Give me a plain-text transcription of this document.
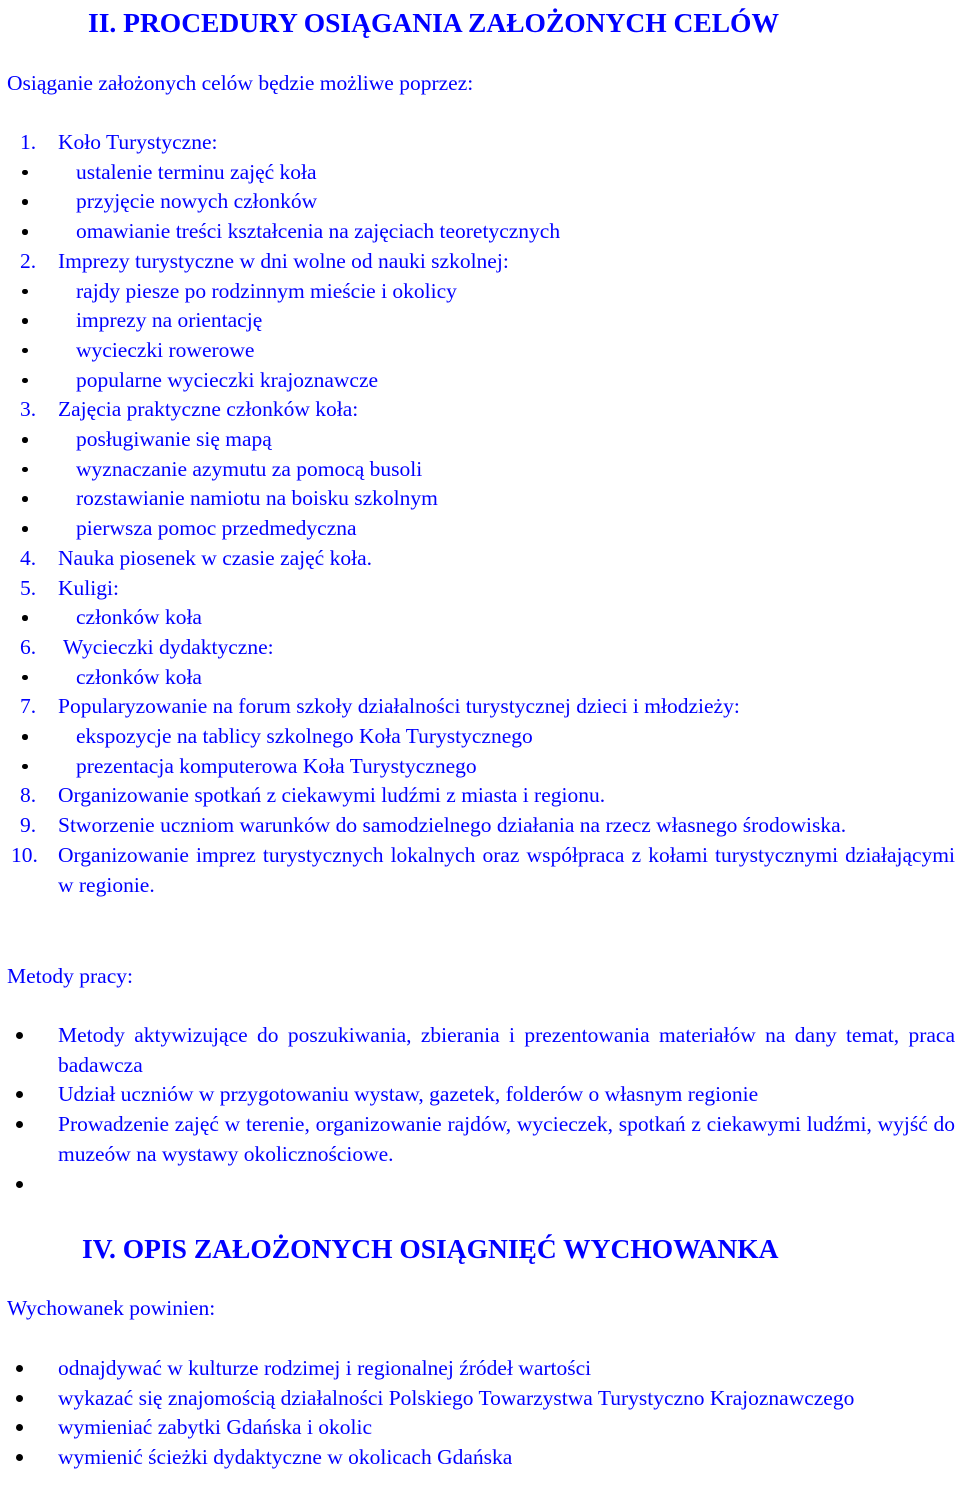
II. PROCEDURY OSIĄGANIA ZAŁOŻONYCH CELÓW
Osiąganie założonych celów będzie możliwe poprzez:
1. Koło Turystyczne:
ustalenie terminu zajęć koła
przyjęcie nowych członków
omawianie treści kształcenia na zajęciach teoretycznych
2. Imprezy turystyczne w dni wolne od nauki szkolnej:
rajdy piesze po rodzinnym mieście i okolicy
imprezy na orientację
wycieczki rowerowe
popularne wycieczki krajoznawcze
3. Zajęcia praktyczne członków koła:
posługiwanie się mapą
wyznaczanie azymutu za pomocą busoli
rozstawianie namiotu na boisku szkolnym
pierwsza pomoc przedmedyczna
4. Nauka piosenek w czasie zajęć koła.
5. Kuligi:
członków koła
6. Wycieczki dydaktyczne:
członków koła
7. Popularyzowanie na forum szkoły działalności turystycznej dzieci i młodzieży:
ekspozycje na tablicy szkolnego Koła Turystycznego
prezentacja komputerowa Koła Turystycznego
8. Organizowanie spotkań z ciekawymi ludźmi z miasta i regionu.
9. Stworzenie uczniom warunków do samodzielnego działania na rzecz własnego środowiska.
10. Organizowanie imprez turystycznych lokalnych oraz współpraca z kołami turystycznymi działającymi w regionie.
Metody pracy:
Metody aktywizujące do poszukiwania, zbierania i prezentowania materiałów na dany temat, praca badawcza
Udział uczniów w przygotowaniu wystaw, gazetek, folderów o własnym regionie
Prowadzenie zajęć w terenie, organizowanie rajdów, wycieczek, spotkań z ciekawymi ludźmi, wyjść do muzeów na wystawy okolicznościowe.
IV. OPIS ZAŁOŻONYCH OSIĄGNIĘĆ WYCHOWANKA
Wychowanek powinien:
odnajdywać w kulturze rodzimej i regionalnej źródeł wartości
wykazać się znajomością działalności Polskiego Towarzystwa Turystyczno Krajoznawczego
wymieniać zabytki Gdańska i okolic
wymienić ścieżki dydaktyczne w okolicach Gdańska
